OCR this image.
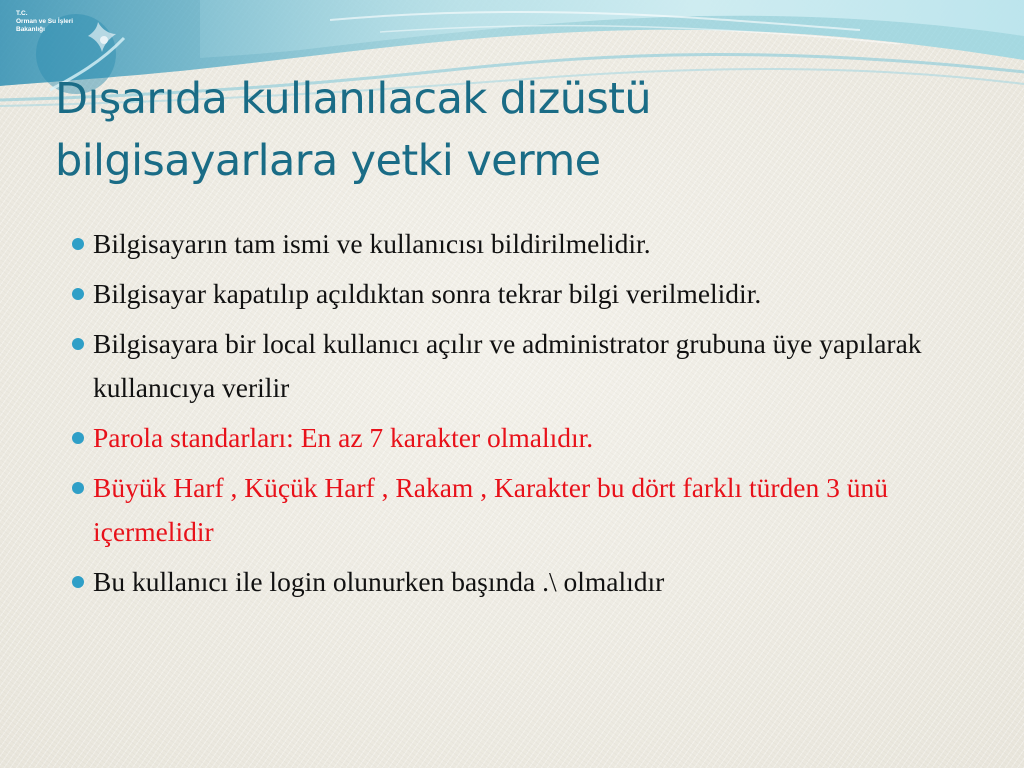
T.C.
Orman ve Su İşleri
Bakanlığı
Dışarıda kullanılacak dizüstü
bilgisayarlara yetki verme
Bilgisayarın tam ismi ve kullanıcısı bildirilmelidir.
Bilgisayar kapatılıp açıldıktan sonra tekrar bilgi verilmelidir.
Bilgisayara bir local kullanıcı açılır ve administrator grubuna üye yapılarak kullanıcıya verilir
Parola standarları: En az 7 karakter olmalıdır.
Büyük Harf , Küçük Harf , Rakam , Karakter bu dört farklı türden 3 ünü içermelidir
Bu kullanıcı ile login olunurken başında .\ olmalıdır
